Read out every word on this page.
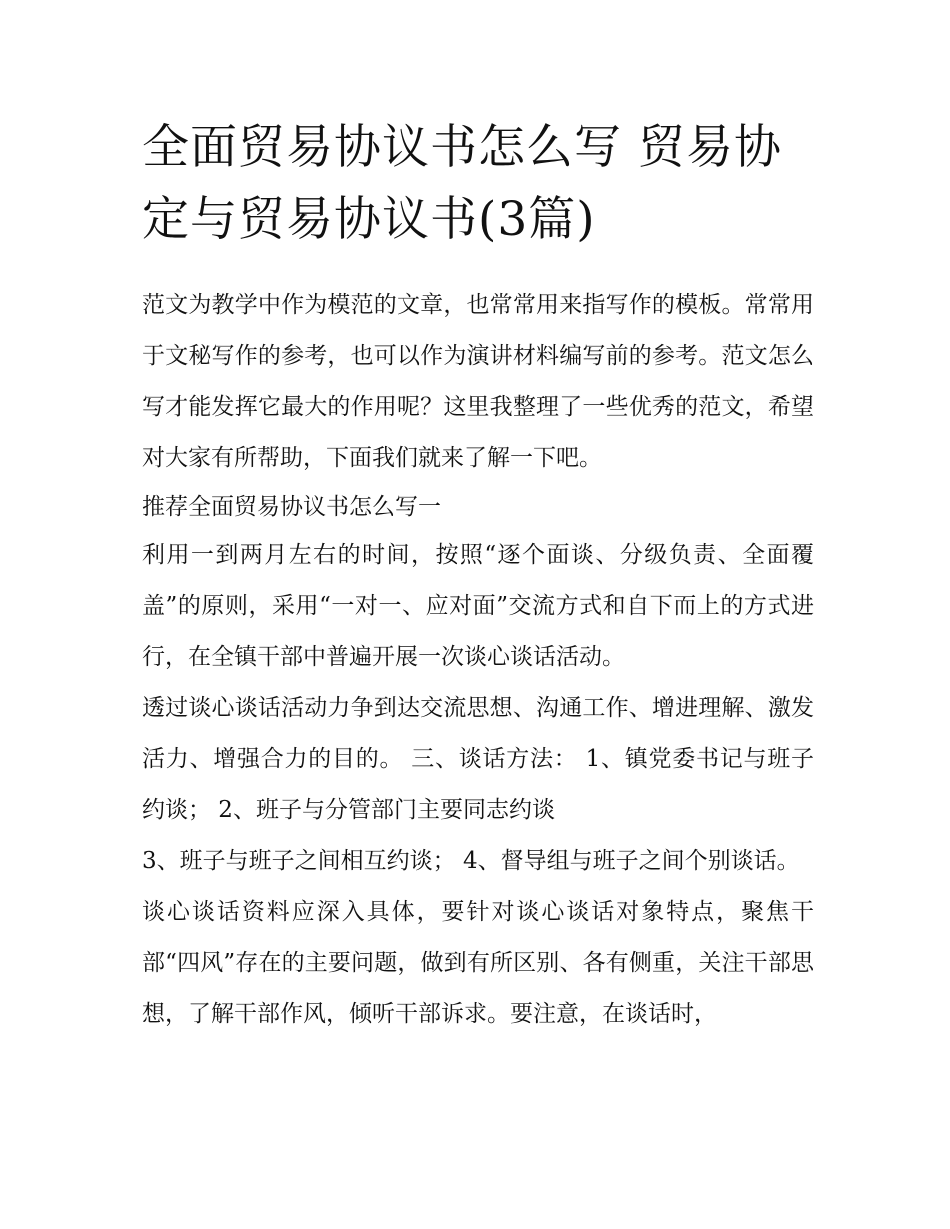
全面贸易协议书怎么写 贸易协定与贸易协议书(3篇)

范文为教学中作为模范的文章，也常常用来指写作的模板。常常用于文秘写作的参考，也可以作为演讲材料编写前的参考。范文怎么写才能发挥它最大的作用呢？这里我整理了一些优秀的范文，希望对大家有所帮助，下面我们就来了解一下吧。

推荐全面贸易协议书怎么写一

利用一到两月左右的时间，按照“逐个面谈、分级负责、全面覆盖”的原则，采用“一对一、应对面”交流方式和自下而上的方式进行，在全镇干部中普遍开展一次谈心谈话活动。

透过谈心谈话活动力争到达交流思想、沟通工作、增进理解、激发活力、增强合力的目的。 三、谈话方法： 1、镇党委书记与班子约谈； 2、班子与分管部门主要同志约谈

3、班子与班子之间相互约谈； 4、督导组与班子之间个别谈话。

谈心谈话资料应深入具体，要针对谈心谈话对象特点，聚焦干部“四风”存在的主要问题，做到有所区别、各有侧重，关注干部思想，了解干部作风，倾听干部诉求。要注意，在谈话时，
